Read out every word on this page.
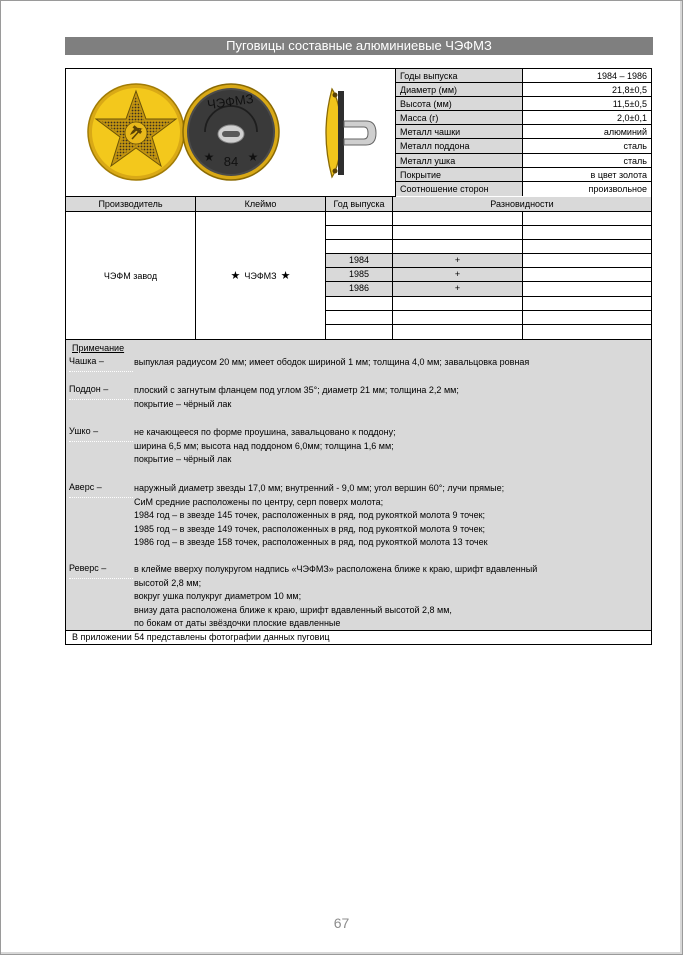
Пуговицы составные алюминиевые ЧЭФМЗ
ЧЭФМЗ
84
★	★
Годы выпуска	1984 – 1986
Диаметр (мм)	21,8±0,5
Высота (мм)	11,5±0,5
Масса (г)	2,0±0,1
Металл чашки	алюминий
Металл поддона	сталь
Металл ушка	сталь
Покрытие	в цвет золота
Соотношение сторон	произвольное
Производитель	Клеймо	Год выпуска	Разновидности
ЧЭФМ завод	★ ЧЭФМЗ ★
1984	+
1985	+
1986	+
Примечание
Чашка –	выпуклая радиусом 20 мм; имеет ободок шириной 1 мм; толщина 4,0 мм; завальцовка ровная
Поддон –	плоский с загнутым фланцем под углом 35°; диаметр 21 мм; толщина 2,2 мм;
покрытие – чёрный лак
Ушко –	не качающееся по форме проушина, завальцовано к поддону;
ширина 6,5 мм; высота над поддоном 6,0мм; толщина 1,6 мм;
покрытие – чёрный лак
Аверс –	наружный диаметр звезды 17,0 мм; внутренний - 9,0 мм; угол вершин 60°; лучи прямые;
СиМ средние расположены по центру, серп поверх молота;
1984 год – в звезде 145 точек, расположенных в ряд, под рукояткой молота 9 точек;
1985 год – в звезде 149 точек, расположенных в ряд, под рукояткой молота 9 точек;
1986 год – в звезде 158 точек, расположенных в ряд, под рукояткой молота 13 точек
Реверс –	в клейме вверху полукругом надпись «ЧЭФМЗ» расположена ближе к краю, шрифт вдавленный
высотой 2,8 мм;
вокруг ушка полукруг диаметром 10 мм;
внизу дата расположена ближе к краю, шрифт вдавленный высотой 2,8 мм,
по бокам от даты звёздочки плоские вдавленные
В приложении 54 представлены фотографии данных пуговиц
67
